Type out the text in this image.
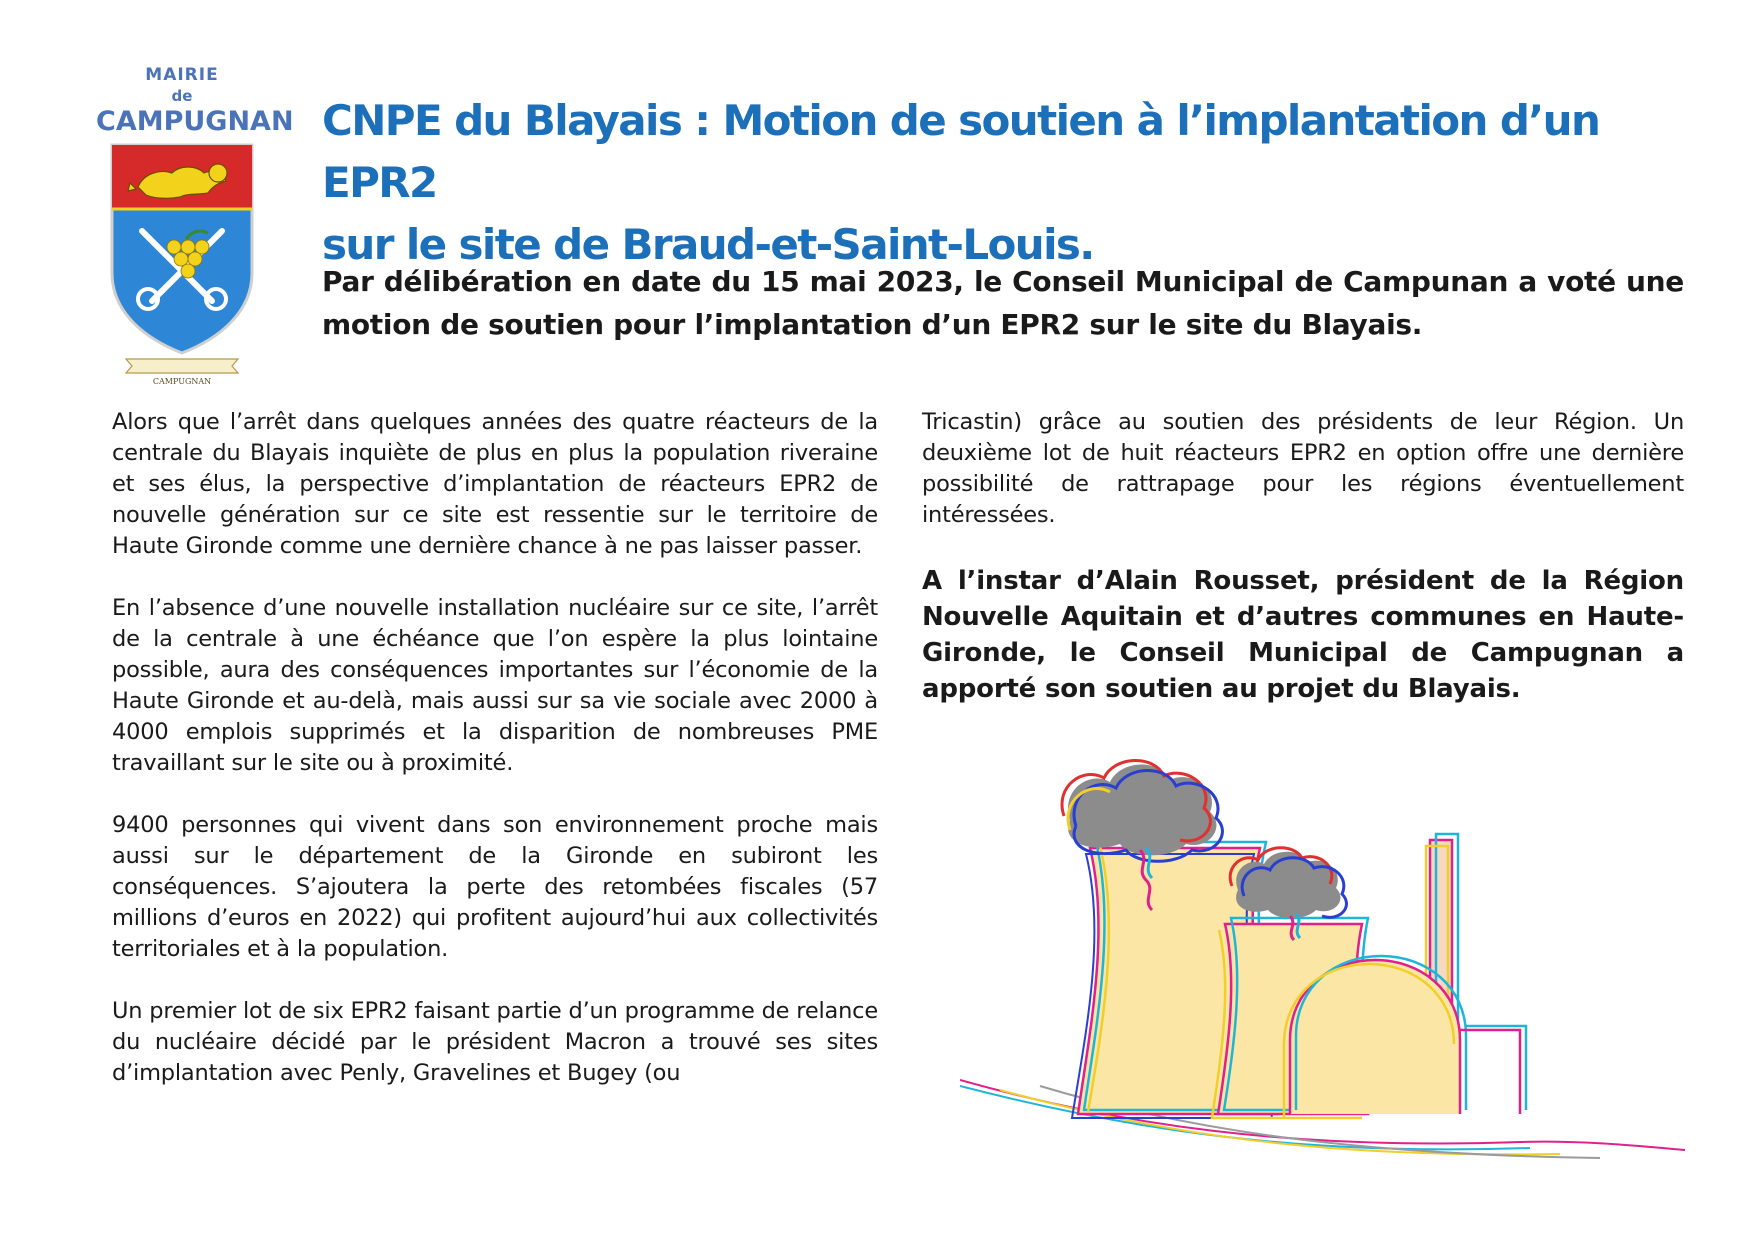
MAIRIE
de
CAMPUGNAN
CAMPUGNAN
CNPE du Blayais : Motion de soutien à l’implantation d’un EPR2
sur le site de Braud-et-Saint-Louis.
Par délibération en date du 15 mai 2023, le Conseil Municipal de Campunan a voté une motion de soutien pour l’implantation d’un EPR2 sur le site du Blayais.

Alors que l’arrêt dans quelques années des quatre réacteurs de la centrale du Blayais inquiète de plus en plus la population riveraine et ses élus, la perspective d’implantation de réacteurs EPR2 de nouvelle génération sur ce site est ressentie sur le territoire de Haute Gironde comme une dernière chance à ne pas laisser passer.

En l’absence d’une nouvelle installation nucléaire sur ce site, l’arrêt de la centrale à une échéance que l’on espère la plus lointaine possible, aura des conséquences importantes sur l’économie de la Haute Gironde et au-delà, mais aussi sur sa vie sociale avec 2000 à 4000 emplois supprimés et la disparition de nombreuses PME travaillant sur le site ou à proximité.

9400 personnes qui vivent dans son environnement proche mais aussi sur le département de la Gironde en subiront les conséquences. S’ajoutera la perte des retombées fiscales (57 millions d’euros en 2022) qui profitent aujourd’hui aux collectivités territoriales et à la population.

Un premier lot de six EPR2 faisant partie d’un programme de relance du nucléaire décidé par le président Macron a trouvé ses sites d’implantation avec Penly, Gravelines et Bugey (ou

Tricastin) grâce au soutien des présidents de leur Région. Un deuxième lot de huit réacteurs EPR2 en option offre une dernière possibilité de rattrapage pour les régions éventuellement intéressées.

A l’instar d’Alain Rousset, président de la Région Nouvelle Aquitain et d’autres communes en Haute-Gironde, le Conseil Municipal de Campugnan a apporté son soutien au projet du Blayais.
